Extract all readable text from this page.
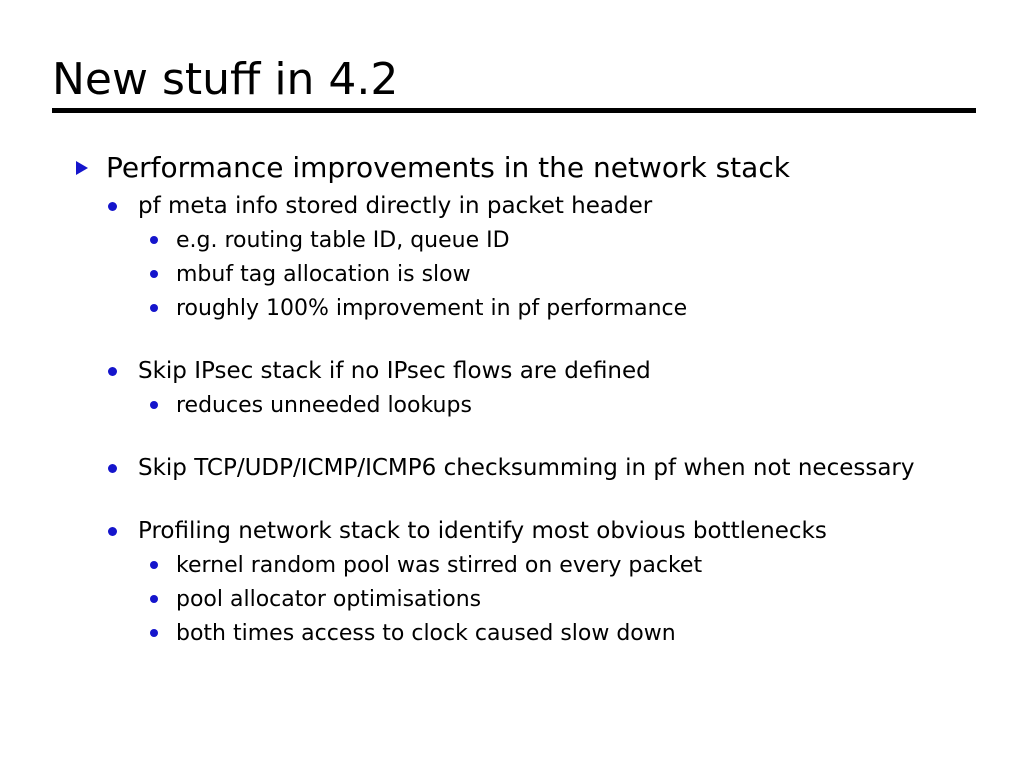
New stuff in 4.2
Performance improvements in the network stack
pf meta info stored directly in packet header
e.g. routing table ID, queue ID
mbuf tag allocation is slow
roughly 100% improvement in pf performance
Skip IPsec stack if no IPsec flows are defined
reduces unneeded lookups
Skip TCP/UDP/ICMP/ICMP6 checksumming in pf when not necessary
Profiling network stack to identify most obvious bottlenecks
kernel random pool was stirred on every packet
pool allocator optimisations
both times access to clock caused slow down
